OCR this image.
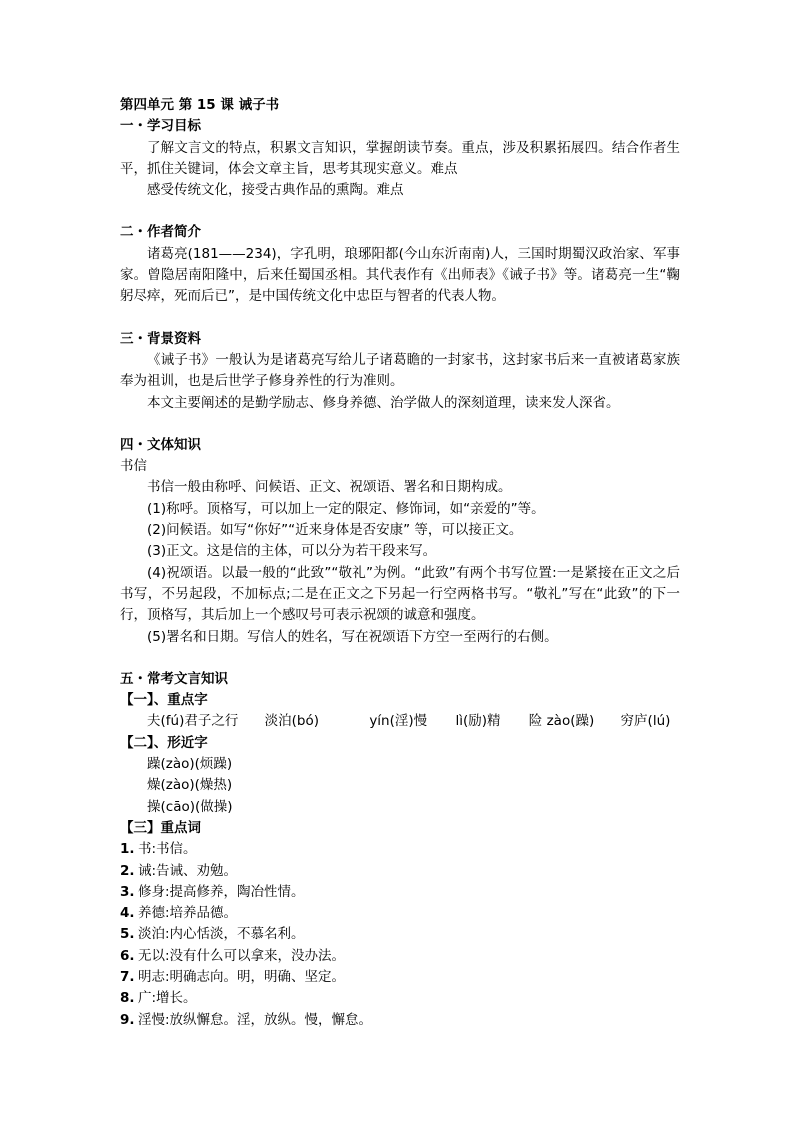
第四单元 第 15 课 诫子书
一・学习目标
了解文言文的特点，积累文言知识，掌握朗读节奏。重点，涉及积累拓展四。结合作者生平，抓住关键词，体会文章主旨，思考其现实意义。难点
感受传统文化，接受古典作品的熏陶。难点
二・作者简介
诸葛亮(181——234)，字孔明，琅琊阳都(今山东沂南南)人，三国时期蜀汉政治家、军事家。曾隐居南阳隆中，后来任蜀国丞相。其代表作有《出师表》《诫子书》等。诸葛亮一生“鞠躬尽瘁，死而后已”，是中国传统文化中忠臣与智者的代表人物。
三・背景资料
《诫子书》一般认为是诸葛亮写给儿子诸葛瞻的一封家书，这封家书后来一直被诸葛家族奉为祖训，也是后世学子修身养性的行为准则。
本文主要阐述的是勤学励志、修身养德、治学做人的深刻道理，读来发人深省。
四・文体知识
书信
书信一般由称呼、问候语、正文、祝颂语、署名和日期构成。
(1)称呼。顶格写，可以加上一定的限定、修饰词，如“亲爱的”等。
(2)问候语。如写“你好”“近来身体是否安康” 等，可以接正文。
(3)正文。这是信的主体，可以分为若干段来写。
(4)祝颂语。以最一般的“此致”“敬礼”为例。“此致”有两个书写位置:一是紧接在正文之后书写，不另起段，不加标点;二是在正文之下另起一行空两格书写。“敬礼”写在“此致”的下一行，顶格写，其后加上一个感叹号可表示祝颂的诚意和强度。
(5)署名和日期。写信人的姓名，写在祝颂语下方空一至两行的右侧。
五・常考文言知识
【一】、重点字
夫(fú)君子之行 淡泊(bó)	yín(淫)慢 lì(励)精 险 zào(躁) 穷庐(lú)
【二】、形近字
躁(zào)(烦躁)
燥(zào)(燥热)
操(cāo)(做操)
【三】重点词
1. 书:书信。
2. 诫:告诫、劝勉。
3. 修身:提高修养，陶冶性情。
4. 养德:培养品德。
5. 淡泊:内心恬淡，不慕名利。
6. 无以:没有什么可以拿来，没办法。
7. 明志:明确志向。明，明确、坚定。
8. 广:增长。
9. 淫慢:放纵懈怠。淫，放纵。慢，懈怠。
